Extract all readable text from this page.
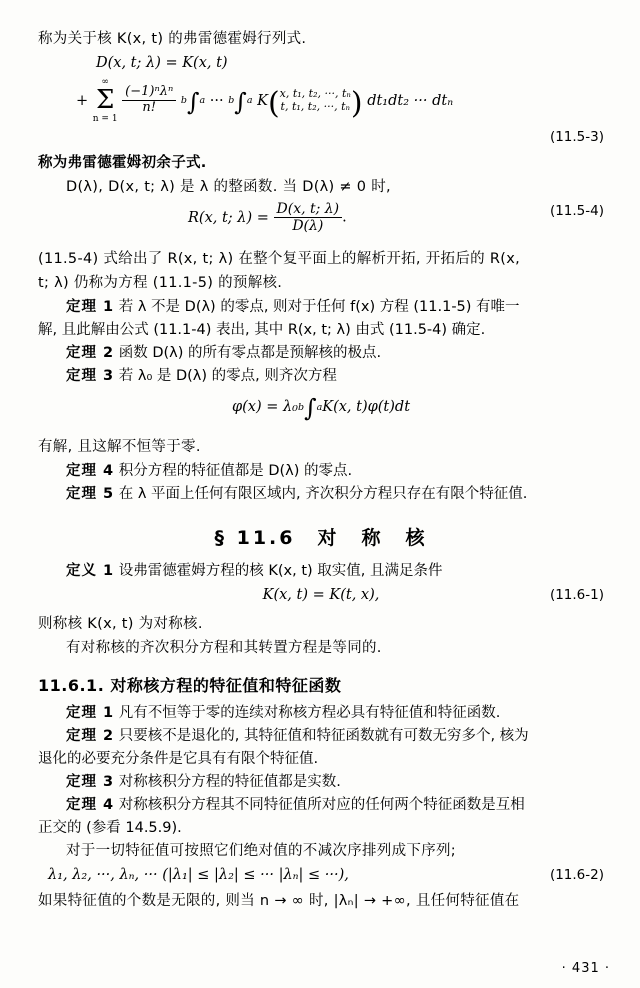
称为关于核 K(x, t) 的弗雷德霍姆行列式.

D(x, t; λ) = K(x, t)
+
∞
Σ
n = 1

$\frac{\text{(−1)ⁿλⁿ}}{n!} b\int a$ ··· b∫a K( x, t₁, t₂, ···, tₙ
t, t₁, t₂, ···, tₙ ) dt₁dt₂ ··· dtₙ
(11.5-3)

称为弗雷德霍姆初余子式.

D(λ), D(x, t; λ) 是 λ 的整函数. 当 D(λ) ≠ 0 时,

R(x, t; $\lambda) = \frac{D(x, t; \lambda)}{D(\lambda)}$ .	(11.5-4)

(11.5-4) 式给出了 R(x, t; λ) 在整个复平面上的解析开拓, 开拓后的 R(x,

t; λ) 仍称为方程 (11.1-5) 的预解核.

定理 1 若 λ 不是 D(λ) 的零点, 则对于任何 f(x) 方程 (11.1-5) 有唯一

解, 且此解由公式 (11.1-4) 表出, 其中 R(x, t; λ) 由式 (11.5-4) 确定.

定理 2 函数 D(λ) 的所有零点都是预解核的极点.

定理 3 若 λ₀ 是 D(λ) 的零点, 则齐次方程

φ(x) = λ₀b∫aK(x, t)φ(t)dt

有解, 且这解不恒等于零.

定理 4 积分方程的特征值都是 D(λ) 的零点.

定理 5 在 λ 平面上任何有限区域内, 齐次积分方程只存在有限个特征值.

§ 11.6　对　称　核

定义 1 设弗雷德霍姆方程的核 K(x, t) 取实值, 且满足条件

K(x, t) = K(t, x),	(11.6-1)

则称核 K(x, t) 为对称核.

有对称核的齐次积分方程和其转置方程是等同的.

11.6.1. 对称核方程的特征值和特征函数

定理 1 凡有不恒等于零的连续对称核方程必具有特征值和特征函数.

定理 2 只要核不是退化的, 其特征值和特征函数就有可数无穷多个, 核为

退化的必要充分条件是它具有有限个特征值.

定理 3 对称核积分方程的特征值都是实数.

定理 4 对称核积分方程其不同特征值所对应的任何两个特征函数是互相

正交的 (参看 14.5.9).

对于一切特征值可按照它们绝对值的不减次序排列成下序列;

λ₁, λ₂, ···, λₙ, ··· (|λ₁| ≤ |λ₂| ≤ ··· |λₙ| ≤ ···),	(11.6-2)

如果特征值的个数是无限的, 则当 n → ∞ 时, |λₙ| → +∞, 且任何特征值在

· 431 ·
